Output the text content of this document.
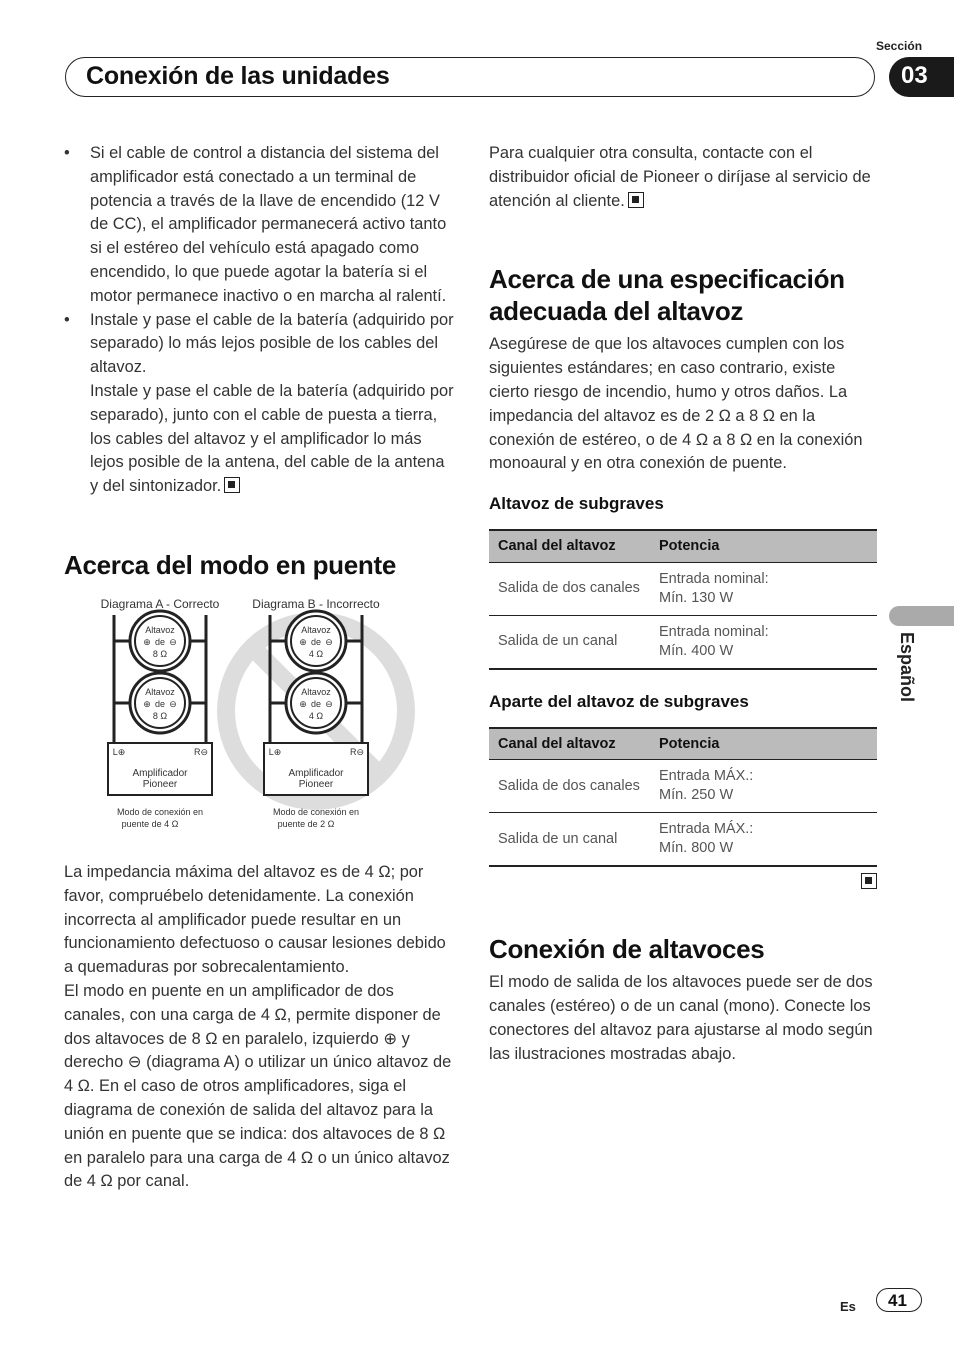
Sección
Conexión de las unidades	03
Español
• Si el cable de control a distancia del sistema del amplificador está conectado a un terminal de potencia a través de la llave de encendido (12 V de CC), el amplificador permanecerá activo tanto si el estéreo del vehículo está apagado como encendido, lo que puede agotar la batería si el motor permanece inactivo o en marcha al ralentí.
• Instale y pase el cable de la batería (adquirido por separado) lo más lejos posible de los cables del altavoz.
Instale y pase el cable de la batería (adquirido por separado), junto con el cable de puesta a tierra, los cables del altavoz y el amplificador lo más lejos posible de la antena, del cable de la antena y del sintonizador.
Acerca del modo en puente
Diagrama A - Correcto	Diagrama B - Incorrecto
Altavoz
⊕ de ⊖
8 Ω
Altavoz
⊕ de ⊖
8 Ω
L⊕	R⊖
Amplificador
Pioneer
Modo de conexión en
puente de 4 Ω
Altavoz
⊕ de ⊖
4 Ω
Altavoz
⊕ de ⊖
4 Ω
L⊕	R⊖
Amplificador
Pioneer
Modo de conexión en
puente de 2 Ω

La impedancia máxima del altavoz es de 4 Ω; por favor, compruébelo detenidamente. La conexión incorrecta al amplificador puede resultar en un funcionamiento defectuoso o causar lesiones debido a quemaduras por sobrecalentamiento.

El modo en puente en un amplificador de dos canales, con una carga de 4 Ω, permite disponer de dos altavoces de 8 Ω en paralelo, izquierdo ⊕ y derecho ⊖ (diagrama A) o utilizar un único altavoz de 4 Ω. En el caso de otros amplificadores, siga el diagrama de conexión de salida del altavoz para la unión en puente que se indica: dos altavoces de 8 Ω en paralelo para una carga de 4 Ω o un único altavoz de 4 Ω por canal.

Para cualquier otra consulta, contacte con el distribuidor oficial de Pioneer o diríjase al servicio de atención al cliente.

Acerca de una especificación adecuada del altavoz

Asegúrese de que los altavoces cumplen con los siguientes estándares; en caso contrario, existe cierto riesgo de incendio, humo y otros daños. La impedancia del altavoz es de 2 Ω a 8 Ω en la conexión de estéreo, o de 4 Ω a 8 Ω en la conexión monoaural y en otra conexión de puente.

Altavoz de subgraves
Canal del altavoz	Potencia
Salida de dos canales	Entrada nominal:
Mín. 130 W

Salida de un canal	Entrada nominal:
Mín. 400 W
Aparte del altavoz de subgraves
Canal del altavoz	Potencia
Salida de dos canales	Entrada MÁX.:
Mín. 250 W

Salida de un canal	Entrada MÁX.:
Mín. 800 W
Conexión de altavoces

El modo de salida de los altavoces puede ser de dos canales (estéreo) o de un canal (mono). Conecte los conectores del altavoz para ajustarse al modo según las ilustraciones mostradas abajo.

Es 41
